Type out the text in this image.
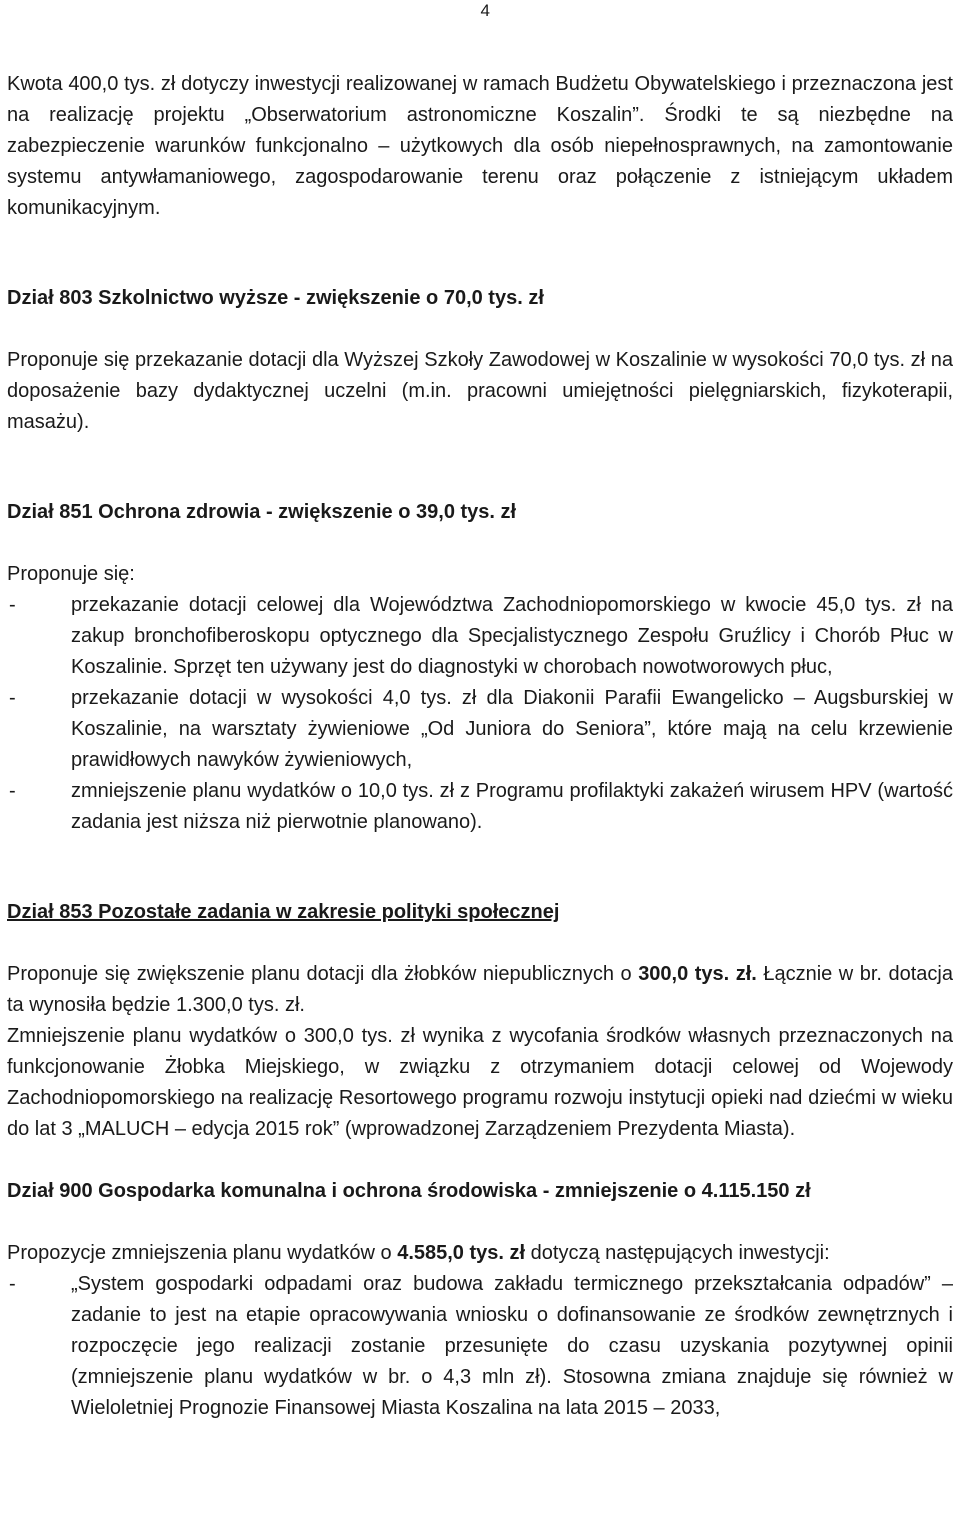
4

Kwota 400,0 tys. zł dotyczy inwestycji realizowanej w ramach Budżetu Obywatelskiego i przeznaczona jest na realizację projektu „Obserwatorium astronomiczne Koszalin”. Środki te są niezbędne na zabezpieczenie warunków funkcjonalno – użytkowych dla osób niepełnosprawnych, na zamontowanie systemu antywłamaniowego, zagospodarowanie terenu oraz połączenie z istniejącym układem komunikacyjnym.

Dział 803 Szkolnictwo wyższe - zwiększenie o 70,0 tys. zł

Proponuje się przekazanie dotacji dla Wyższej Szkoły Zawodowej w Koszalinie w wysokości 70,0 tys. zł na doposażenie bazy dydaktycznej uczelni (m.in. pracowni umiejętności pielęgniarskich, fizykoterapii, masażu).

Dział 851 Ochrona zdrowia - zwiększenie o 39,0 tys. zł

Proponuje się:

- przekazanie dotacji celowej dla Województwa Zachodniopomorskiego w kwocie 45,0 tys. zł na zakup bronchofiberoskopu optycznego dla Specjalistycznego Zespołu Gruźlicy i Chorób Płuc w Koszalinie. Sprzęt ten używany jest do diagnostyki w chorobach nowotworowych płuc,
- przekazanie dotacji w wysokości 4,0 tys. zł dla Diakonii Parafii Ewangelicko – Augsburskiej w Koszalinie, na warsztaty żywieniowe „Od Juniora do Seniora”, które mają na celu krzewienie prawidłowych nawyków żywieniowych,
- zmniejszenie planu wydatków o 10,0 tys. zł z Programu profilaktyki zakażeń wirusem HPV (wartość zadania jest niższa niż pierwotnie planowano).

Dział 853 Pozostałe zadania w zakresie polityki społecznej

Proponuje się zwiększenie planu dotacji dla żłobków niepublicznych o 300,0 tys. zł. Łącznie w br. dotacja ta wynosiła będzie 1.300,0 tys. zł.

Zmniejszenie planu wydatków o 300,0 tys. zł wynika z wycofania środków własnych przeznaczonych na funkcjonowanie Żłobka Miejskiego, w związku z otrzymaniem dotacji celowej od Wojewody Zachodniopomorskiego na realizację Resortowego programu rozwoju instytucji opieki nad dziećmi w wieku do lat 3 „MALUCH – edycja 2015 rok” (wprowadzonej Zarządzeniem Prezydenta Miasta).

Dział 900 Gospodarka komunalna i ochrona środowiska - zmniejszenie o 4.115.150 zł

Propozycje zmniejszenia planu wydatków o 4.585,0 tys. zł dotyczą następujących inwestycji:

- „System gospodarki odpadami oraz budowa zakładu termicznego przekształcania odpadów” – zadanie to jest na etapie opracowywania wniosku o dofinansowanie ze środków zewnętrznych i rozpoczęcie jego realizacji zostanie przesunięte do czasu uzyskania pozytywnej opinii (zmniejszenie planu wydatków w br. o 4,3 mln zł). Stosowna zmiana znajduje się również w Wieloletniej Prognozie Finansowej Miasta Koszalina na lata 2015 – 2033,
